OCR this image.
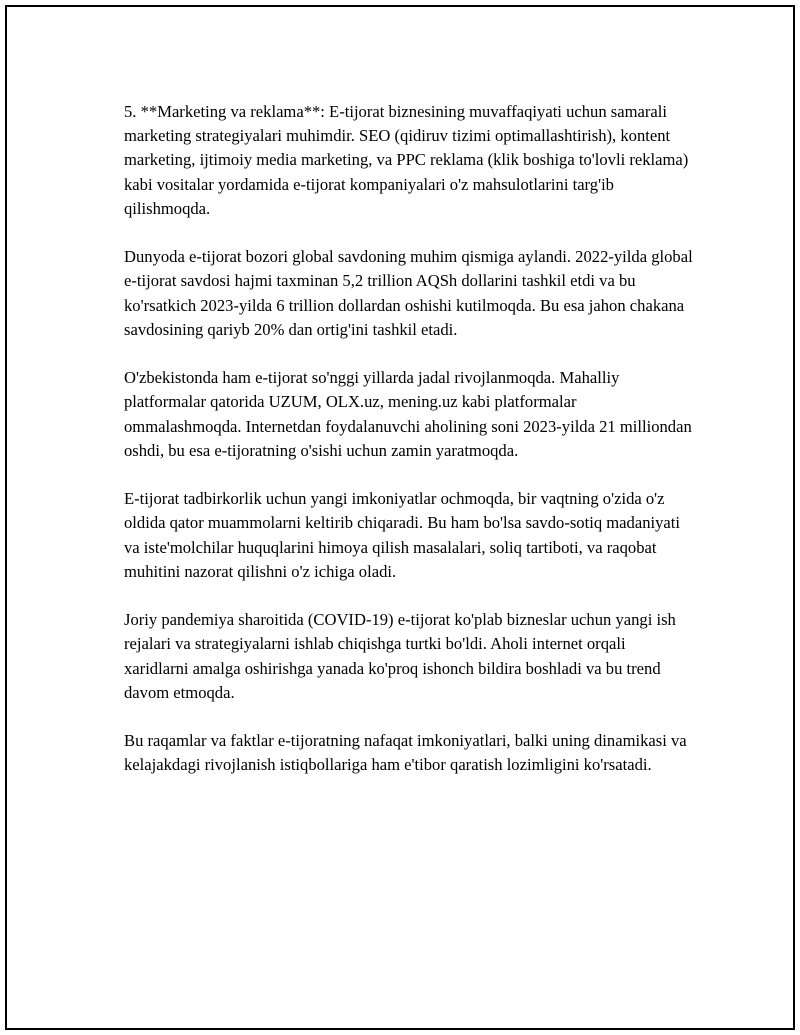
5. **Marketing va reklama**: E-tijorat biznesining muvaffaqiyati uchun samarali marketing strategiyalari muhimdir. SEO (qidiruv tizimi optimallashtirish), kontent marketing, ijtimoiy media marketing, va PPC reklama (klik boshiga to'lovli reklama) kabi vositalar yordamida e-tijorat kompaniyalari o'z mahsulotlarini targ'ib qilishmoqda.

Dunyoda e-tijorat bozori global savdoning muhim qismiga aylandi. 2022-yilda global e-tijorat savdosi hajmi taxminan 5,2 trillion AQSh dollarini tashkil etdi va bu ko'rsatkich 2023-yilda 6 trillion dollardan oshishi kutilmoqda. Bu esa jahon chakana savdosining qariyb 20% dan ortig'ini tashkil etadi.

O'zbekistonda ham e-tijorat so'nggi yillarda jadal rivojlanmoqda. Mahalliy platformalar qatorida UZUM, OLX.uz, mening.uz kabi platformalar ommalashmoqda. Internetdan foydalanuvchi aholining soni 2023-yilda 21 milliondan oshdi, bu esa e-tijoratning o'sishi uchun zamin yaratmoqda.

E-tijorat tadbirkorlik uchun yangi imkoniyatlar ochmoqda, bir vaqtning o'zida o'z oldida qator muammolarni keltirib chiqaradi. Bu ham bo'lsa savdo-sotiq madaniyati va iste'molchilar huquqlarini himoya qilish masalalari, soliq tartiboti, va raqobat muhitini nazorat qilishni o'z ichiga oladi.

Joriy pandemiya sharoitida (COVID-19) e-tijorat ko'plab bizneslar uchun yangi ish rejalari va strategiyalarni ishlab chiqishga turtki bo'ldi. Aholi internet orqali xaridlarni amalga oshirishga yanada ko'proq ishonch bildira boshladi va bu trend davom etmoqda.

Bu raqamlar va faktlar e-tijoratning nafaqat imkoniyatlari, balki uning dinamikasi va kelajakdagi rivojlanish istiqbollariga ham e'tibor qaratish lozimligini ko'rsatadi.
